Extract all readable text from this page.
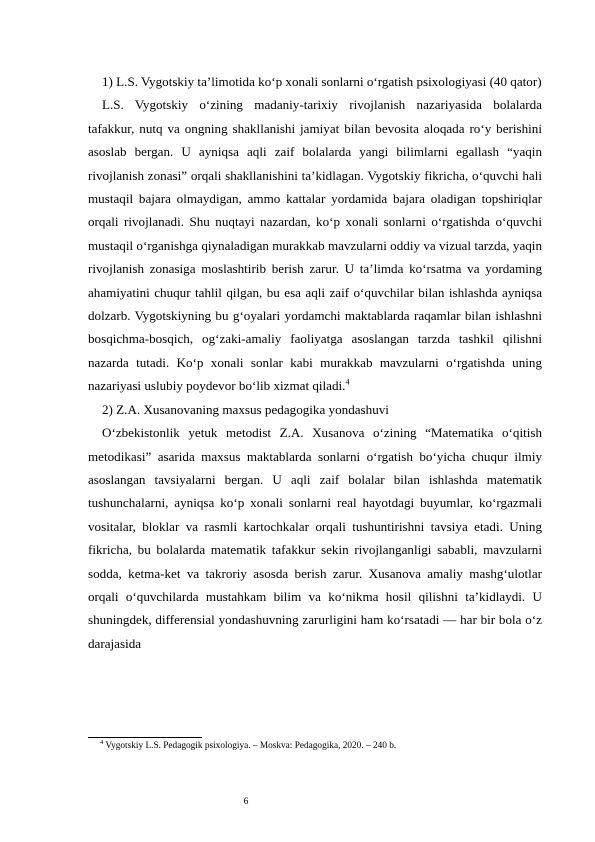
1) L.S. Vygotskiy ta’limotida ko‘p xonali sonlarni o‘rgatish psixologiyasi (40 qator)

L.S. Vygotskiy o‘zining madaniy-tarixiy rivojlanish nazariyasida bolalarda tafakkur, nutq va ongning shakllanishi jamiyat bilan bevosita aloqada ro‘y berishini asoslab bergan. U ayniqsa aqli zaif bolalarda yangi bilimlarni egallash “yaqin rivojlanish zonasi” orqali shakllanishini ta’kidlagan. Vygotskiy fikricha, o‘quvchi hali mustaqil bajara olmaydigan, ammo kattalar yordamida bajara oladigan topshiriqlar orqali rivojlanadi. Shu nuqtayi nazardan, ko‘p xonali sonlarni o‘rgatishda o‘quvchi mustaqil o‘rganishga qiynaladigan murakkab mavzularni oddiy va vizual tarzda, yaqin rivojlanish zonasiga moslashtirib berish zarur. U ta’limda ko‘rsatma va yordaming ahamiyatini chuqur tahlil qilgan, bu esa aqli zaif o‘quvchilar bilan ishlashda ayniqsa dolzarb. Vygotskiyning bu g‘oyalari yordamchi maktablarda raqamlar bilan ishlashni bosqichma-bosqich, og‘zaki-amaliy faoliyatga asoslangan tarzda tashkil qilishni nazarda tutadi. Ko‘p xonali sonlar kabi murakkab mavzularni o‘rgatishda uning nazariyasi uslubiy poydevor bo‘lib xizmat qiladi.$^4$

2) Z.A. Xusanovaning maxsus pedagogika yondashuvi

O‘zbekistonlik yetuk metodist Z.A. Xusanova o‘zining “Matematika o‘qitish metodikasi” asarida maxsus maktablarda sonlarni o‘rgatish bo‘yicha chuqur ilmiy asoslangan tavsiyalarni bergan. U aqli zaif bolalar bilan ishlashda matematik tushunchalarni, ayniqsa ko‘p xonali sonlarni real hayotdagi buyumlar, ko‘rgazmali vositalar, bloklar va rasmli kartochkalar orqali tushuntirishni tavsiya etadi. Uning fikricha, bu bolalarda matematik tafakkur sekin rivojlanganligi sababli, mavzularni sodda, ketma-ket va takroriy asosda berish zarur. Xusanova amaliy mashg‘ulotlar orqali o‘quvchilarda mustahkam bilim va ko‘nikma hosil qilishni ta’kidlaydi. U shuningdek, differensial yondashuvning zarurligini ham ko‘rsatadi — har bir bola o‘z darajasida

$^4$ Vygotskiy L.S. Pedagogik psixologiya. – Moskva: Pedagogika, 2020. – 240 b.
6
